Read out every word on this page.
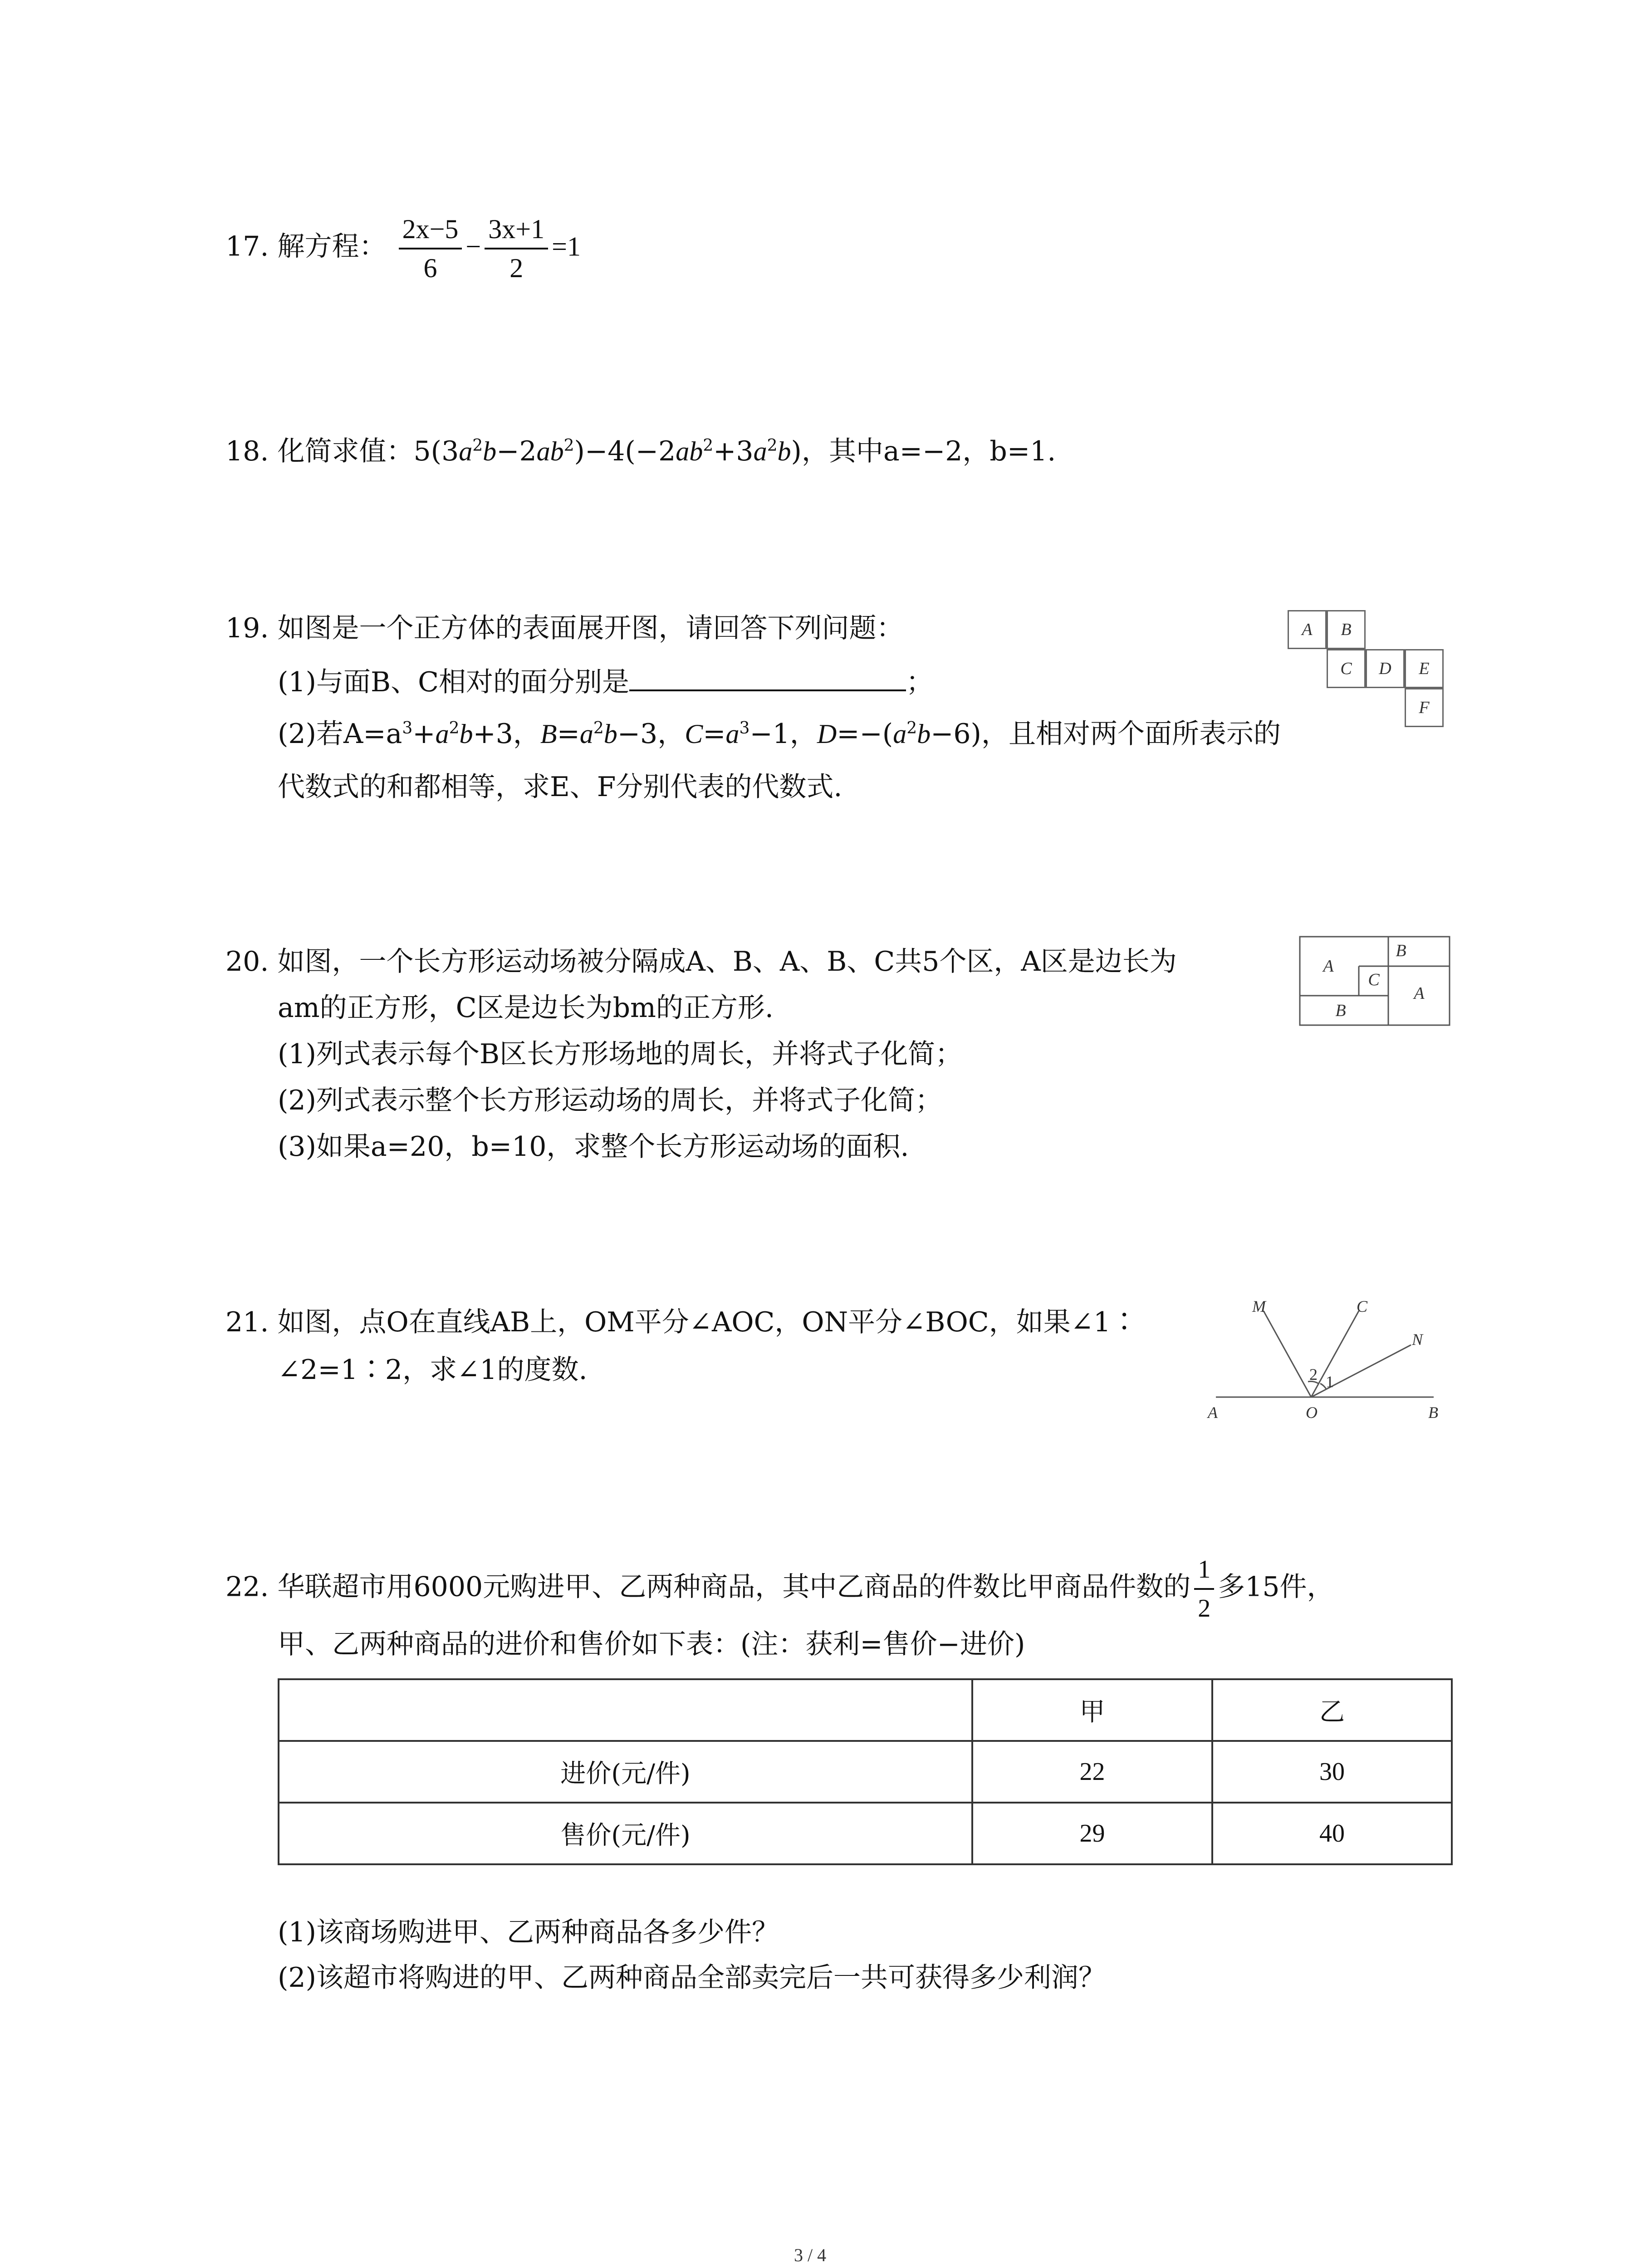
17. 解方程： $\frac{2x-5}{6} - \frac{3x+1}{2} =1$
18. 化简求值：$5(3a^2b-2ab^2)-4(-2ab^2+3a^2b)$，其中a=−2，b=1.
19. 如图是一个正方体的表面展开图，请回答下列问题：
(1)与面B、C相对的面分别是	；
(2)若$A=a^3+a^2b+3$，$B=a^2b-3$，$C=a^3-1$，$D=-(a^2b-6)$，且相对两个面所表示的
代数式的和都相等，求E、F分别代表的代数式.
A	B
C	D	E
F
20. 如图，一个长方形运动场被分隔成A、B、A、B、C共5个区，A区是边长为
am的正方形，C区是边长为bm的正方形.
(1)列式表示每个B区长方形场地的周长，并将式子化简；
(2)列式表示整个长方形运动场的周长，并将式子化简；
(3)如果a=20，b=10，求整个长方形运动场的面积.
A
B
C
A
B
21. 如图，点O在直线AB上，OM平分∠AOC，ON平分∠BOC，如果∠1∶
∠2=1∶2，求∠1的度数.
M	C
N
A	O	B
1
2
22. 华联超市用6000元购进甲、乙两种商品，其中乙商品的件数比甲商品件数的 $\frac{1}{2}$ 多15件，
甲、乙两种商品的进价和售价如下表：(注：获利=售价−进价)
	甲	乙
进价(元/件)	22	30
售价(元/件)	29	40
(1)该商场购进甲、乙两种商品各多少件？
(2)该超市将购进的甲、乙两种商品全部卖完后一共可获得多少利润？
3 / 4
